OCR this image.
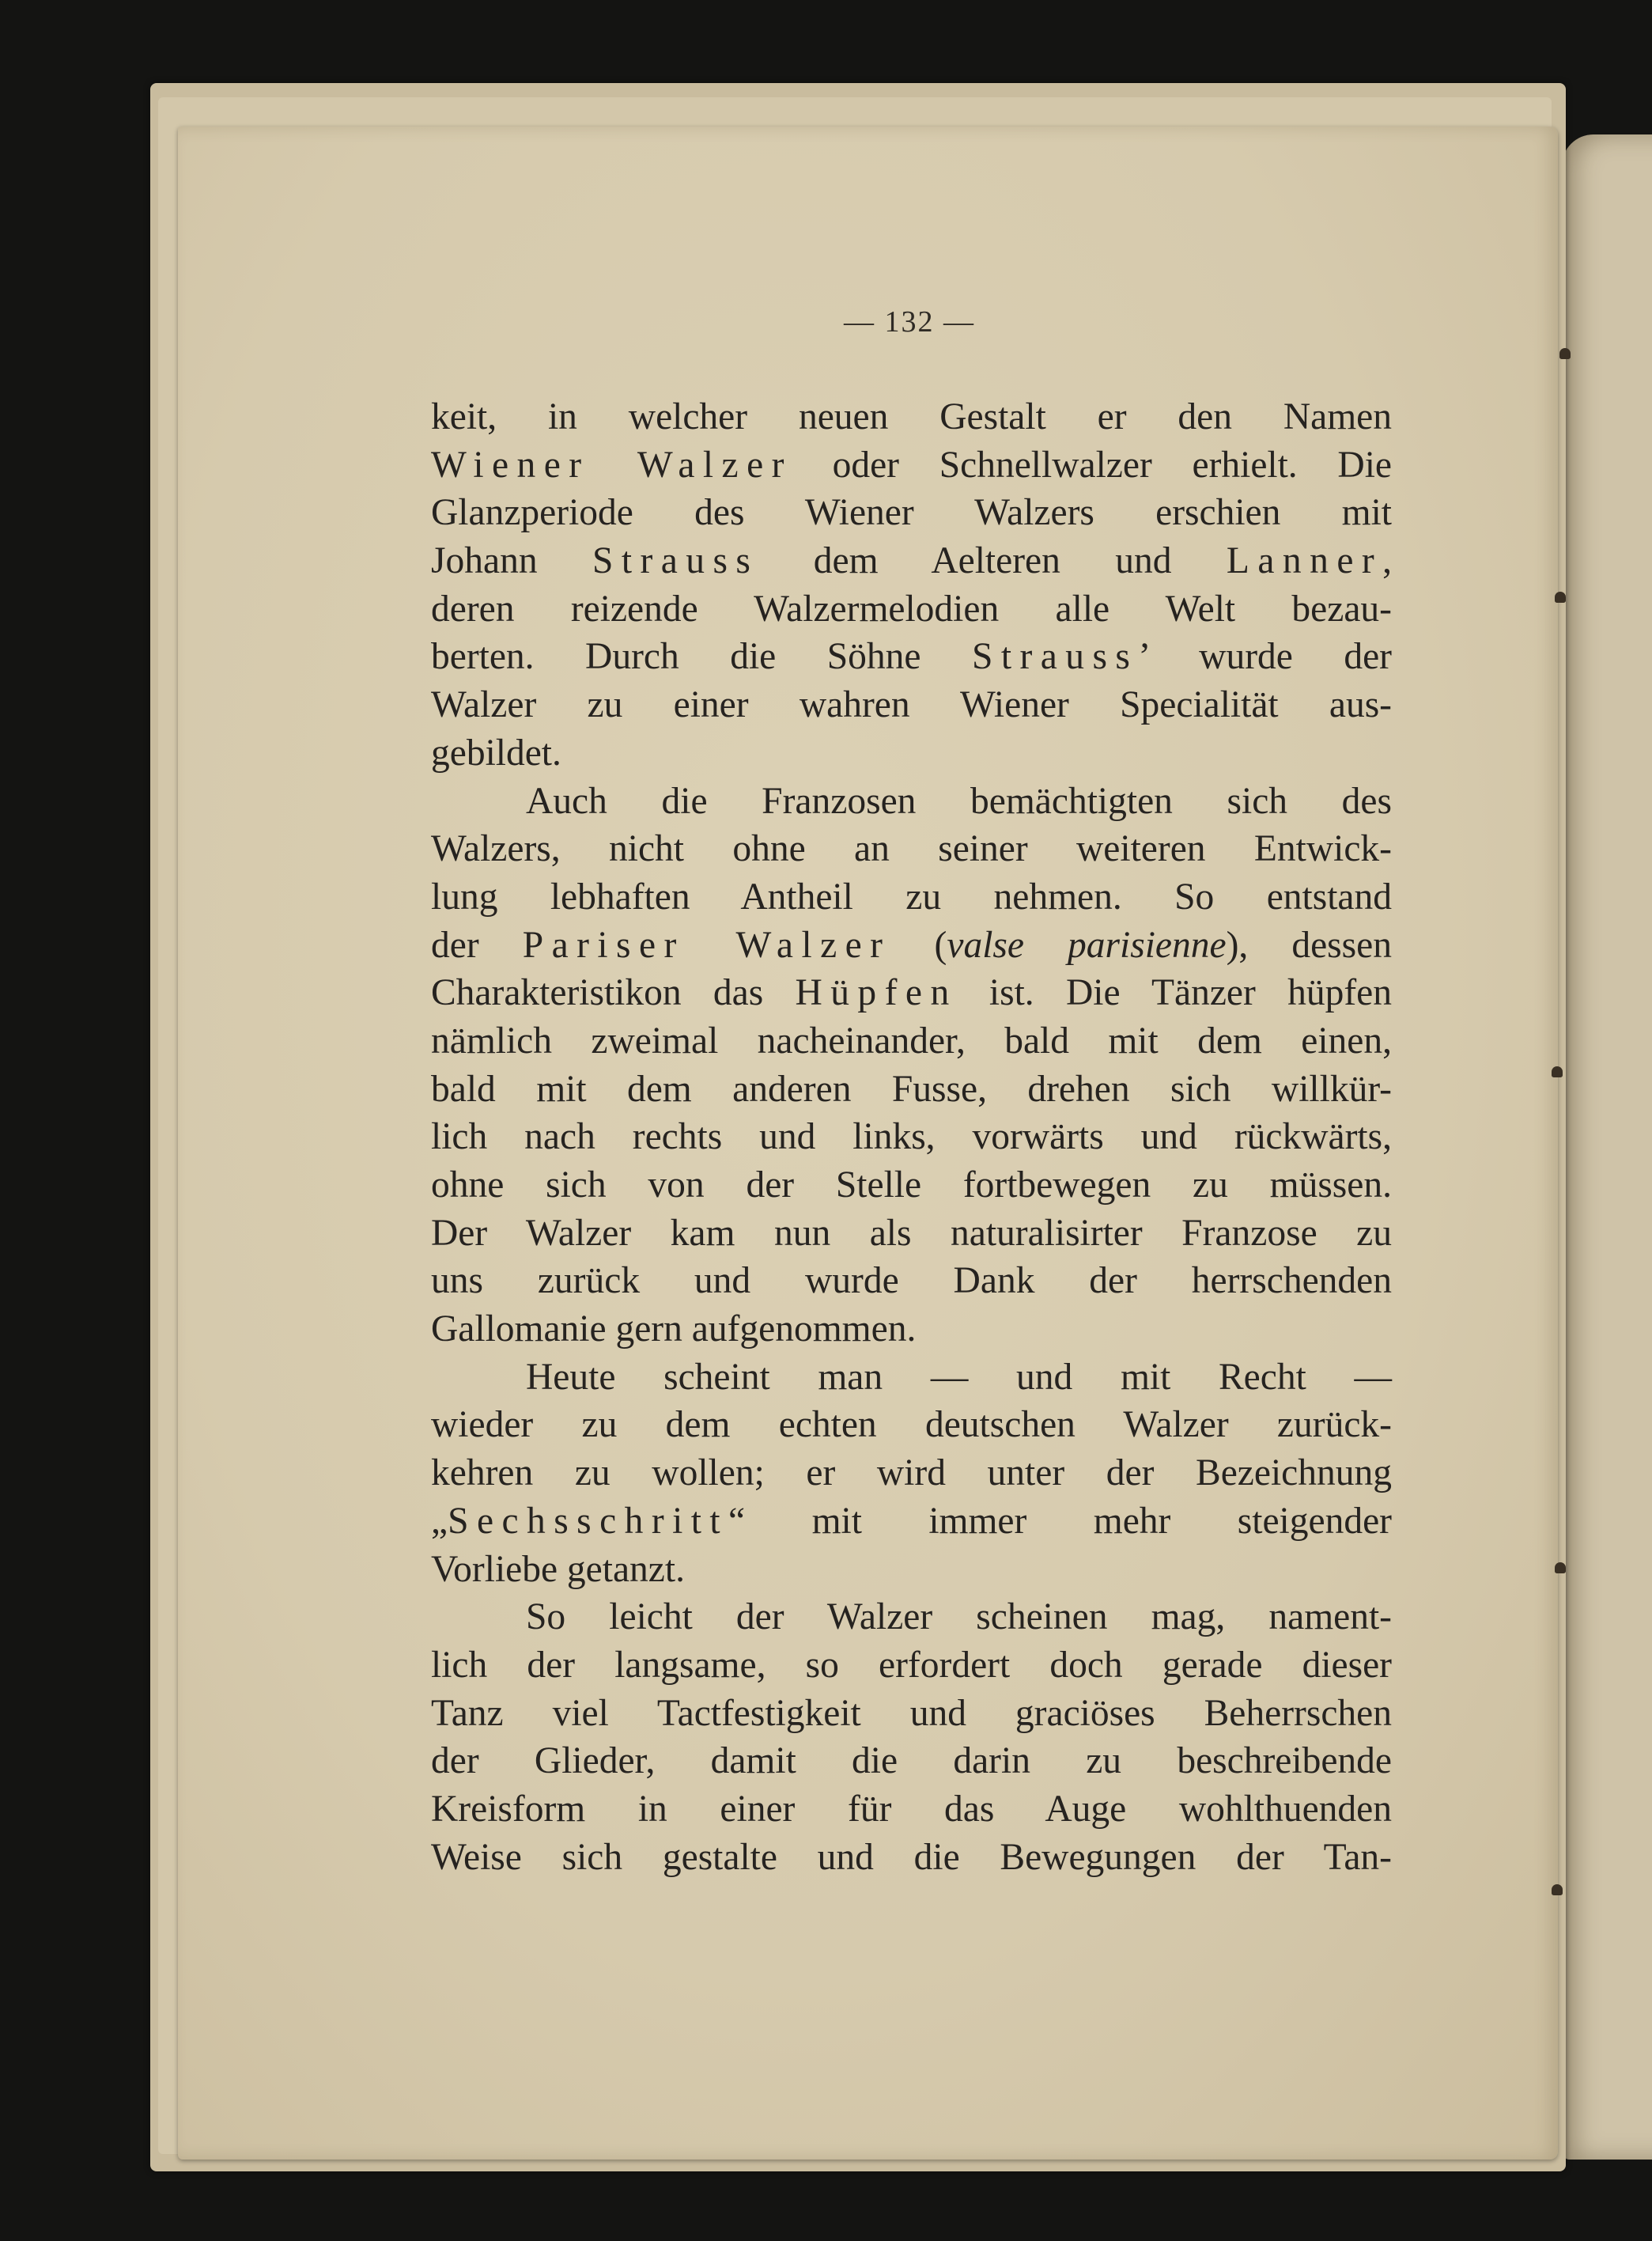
— 132 —
keit, in welcher neuen Gestalt er den Namen
Wiener Walzer oder Schnellwalzer erhielt. Die
Glanzperiode des Wiener Walzers erschien mit
Johann Strauss dem Aelteren und Lanner,
deren reizende Walzermelodien alle Welt bezau-
berten. Durch die Söhne Strauss’ wurde der
Walzer zu einer wahren Wiener Specialität aus-
gebildet.
Auch die Franzosen bemächtigten sich des
Walzers, nicht ohne an seiner weiteren Entwick-
lung lebhaften Antheil zu nehmen. So entstand
der Pariser Walzer (valse parisienne), dessen
Charakteristikon das Hüpfen ist. Die Tänzer hüpfen
nämlich zweimal nacheinander, bald mit dem einen,
bald mit dem anderen Fusse, drehen sich willkür-
lich nach rechts und links, vorwärts und rückwärts,
ohne sich von der Stelle fortbewegen zu müssen.
Der Walzer kam nun als naturalisirter Franzose zu
uns zurück und wurde Dank der herrschenden
Gallomanie gern aufgenommen.
Heute scheint man — und mit Recht —
wieder zu dem echten deutschen Walzer zurück-
kehren zu wollen; er wird unter der Bezeichnung
„Sechsschritt“ mit immer mehr steigender
Vorliebe getanzt.
So leicht der Walzer scheinen mag, nament-
lich der langsame, so erfordert doch gerade dieser
Tanz viel Tactfestigkeit und graciöses Beherrschen
der Glieder, damit die darin zu beschreibende
Kreisform in einer für das Auge wohlthuenden
Weise sich gestalte und die Bewegungen der Tan-
